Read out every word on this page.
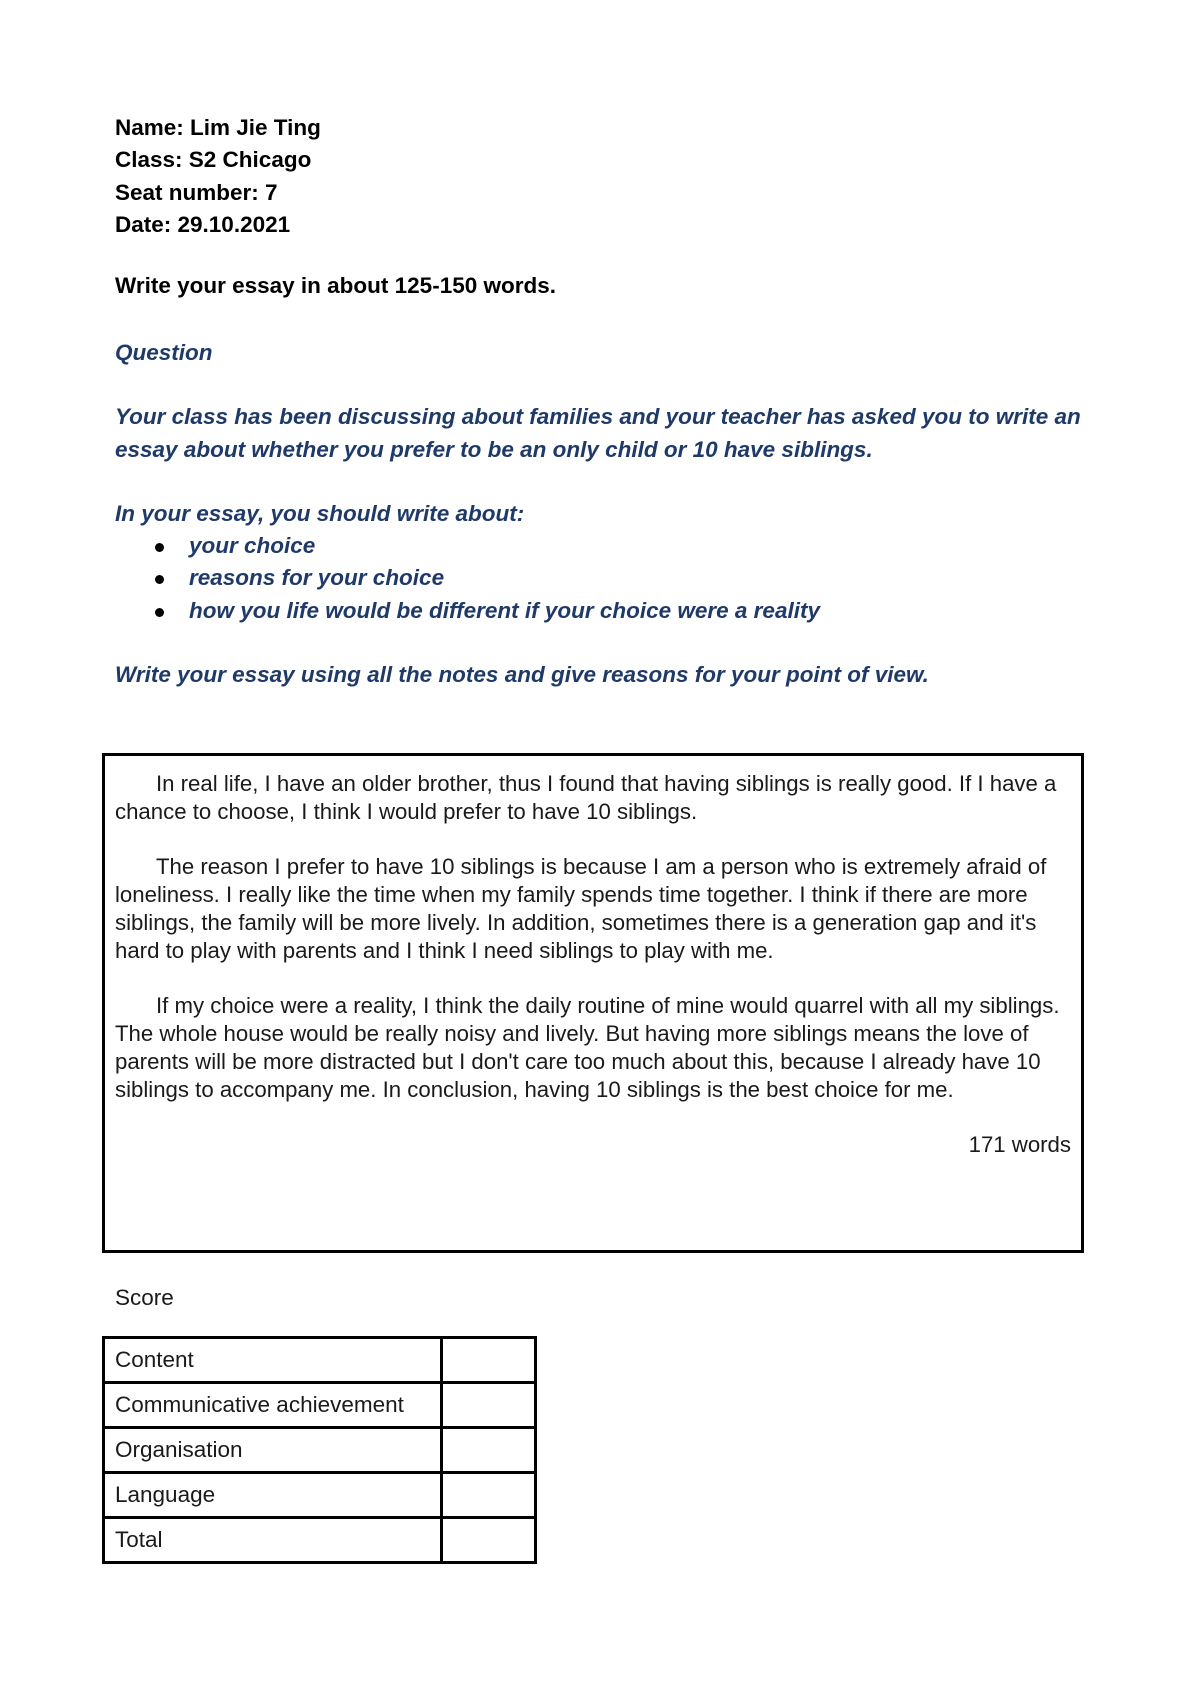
Name: Lim Jie Ting
Class: S2 Chicago
Seat number: 7
Date: 29.10.2021
Write your essay in about 125-150 words.

Question

Your class has been discussing about families and your teacher has asked you to write an essay about whether you prefer to be an only child or 10 have siblings.

In your essay, you should write about:

your choice
reasons for your choice
how you life would be different if your choice were a reality

Write your essay using all the notes and give reasons for your point of view.

In real life, I have an older brother, thus I found that having siblings is really good. If I have a chance to choose, I think I would prefer to have 10 siblings.

The reason I prefer to have 10 siblings is because I am a person who is extremely afraid of loneliness. I really like the time when my family spends time together. I think if there are more siblings, the family will be more lively. In addition, sometimes there is a generation gap and it's hard to play with parents and I think I need siblings to play with me.

If my choice were a reality, I think the daily routine of mine would quarrel with all my siblings. The whole house would be really noisy and lively. But having more siblings means the love of parents will be more distracted but I don't care too much about this, because I already have 10 siblings to accompany me. In conclusion, having 10 siblings is the best choice for me.

171 words
Score
Content	
Communicative achievement	
Organisation	
Language	
Total	
